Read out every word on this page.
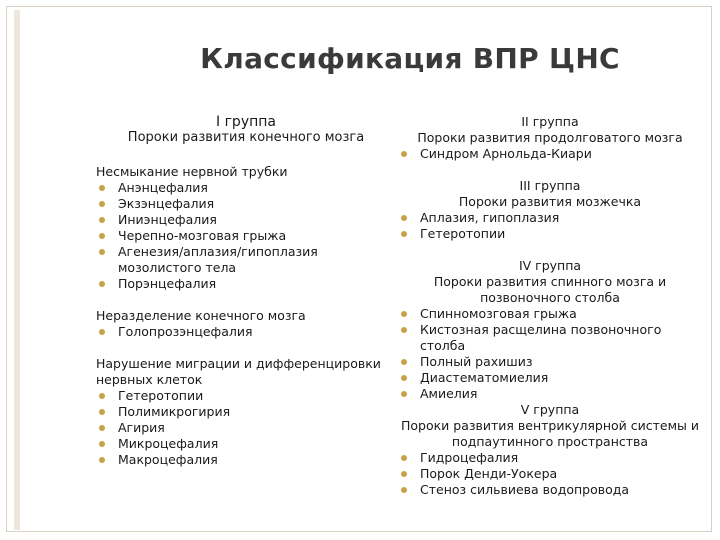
Классификация ВПР ЦНС

I группа

Пороки развития конечного мозга

Несмыкание нервной трубки

Анэнцефалия
Экзэнцефалия
Иниэнцефалия
Черепно-мозговая грыжа
Агенезия/аплазия/гипоплазия мозолистого тела
Порэнцефалия

Неразделение конечного мозга

Голопрозэнцефалия

Нарушение миграции и дифференцировки нервных клеток

Гетеротопии
Полимикрогирия
Агирия
Микроцефалия
Макроцефалия

II группа

Пороки развития продолговатого мозга

Синдром Арнольда-Киари

III группа

Пороки развития мозжечка

Аплазия, гипоплазия
Гетеротопии

IV группа

Пороки развития спинного мозга и позвоночного столба

Спинномозговая грыжа
Кистозная расщелина позвоночного столба
Полный рахишиз
Диастематомиелия
Амиелия

V группа

Пороки развития вентрикулярной системы и подпаутинного пространства

Гидроцефалия
Порок Денди-Уокера
Стеноз сильвиева водопровода
